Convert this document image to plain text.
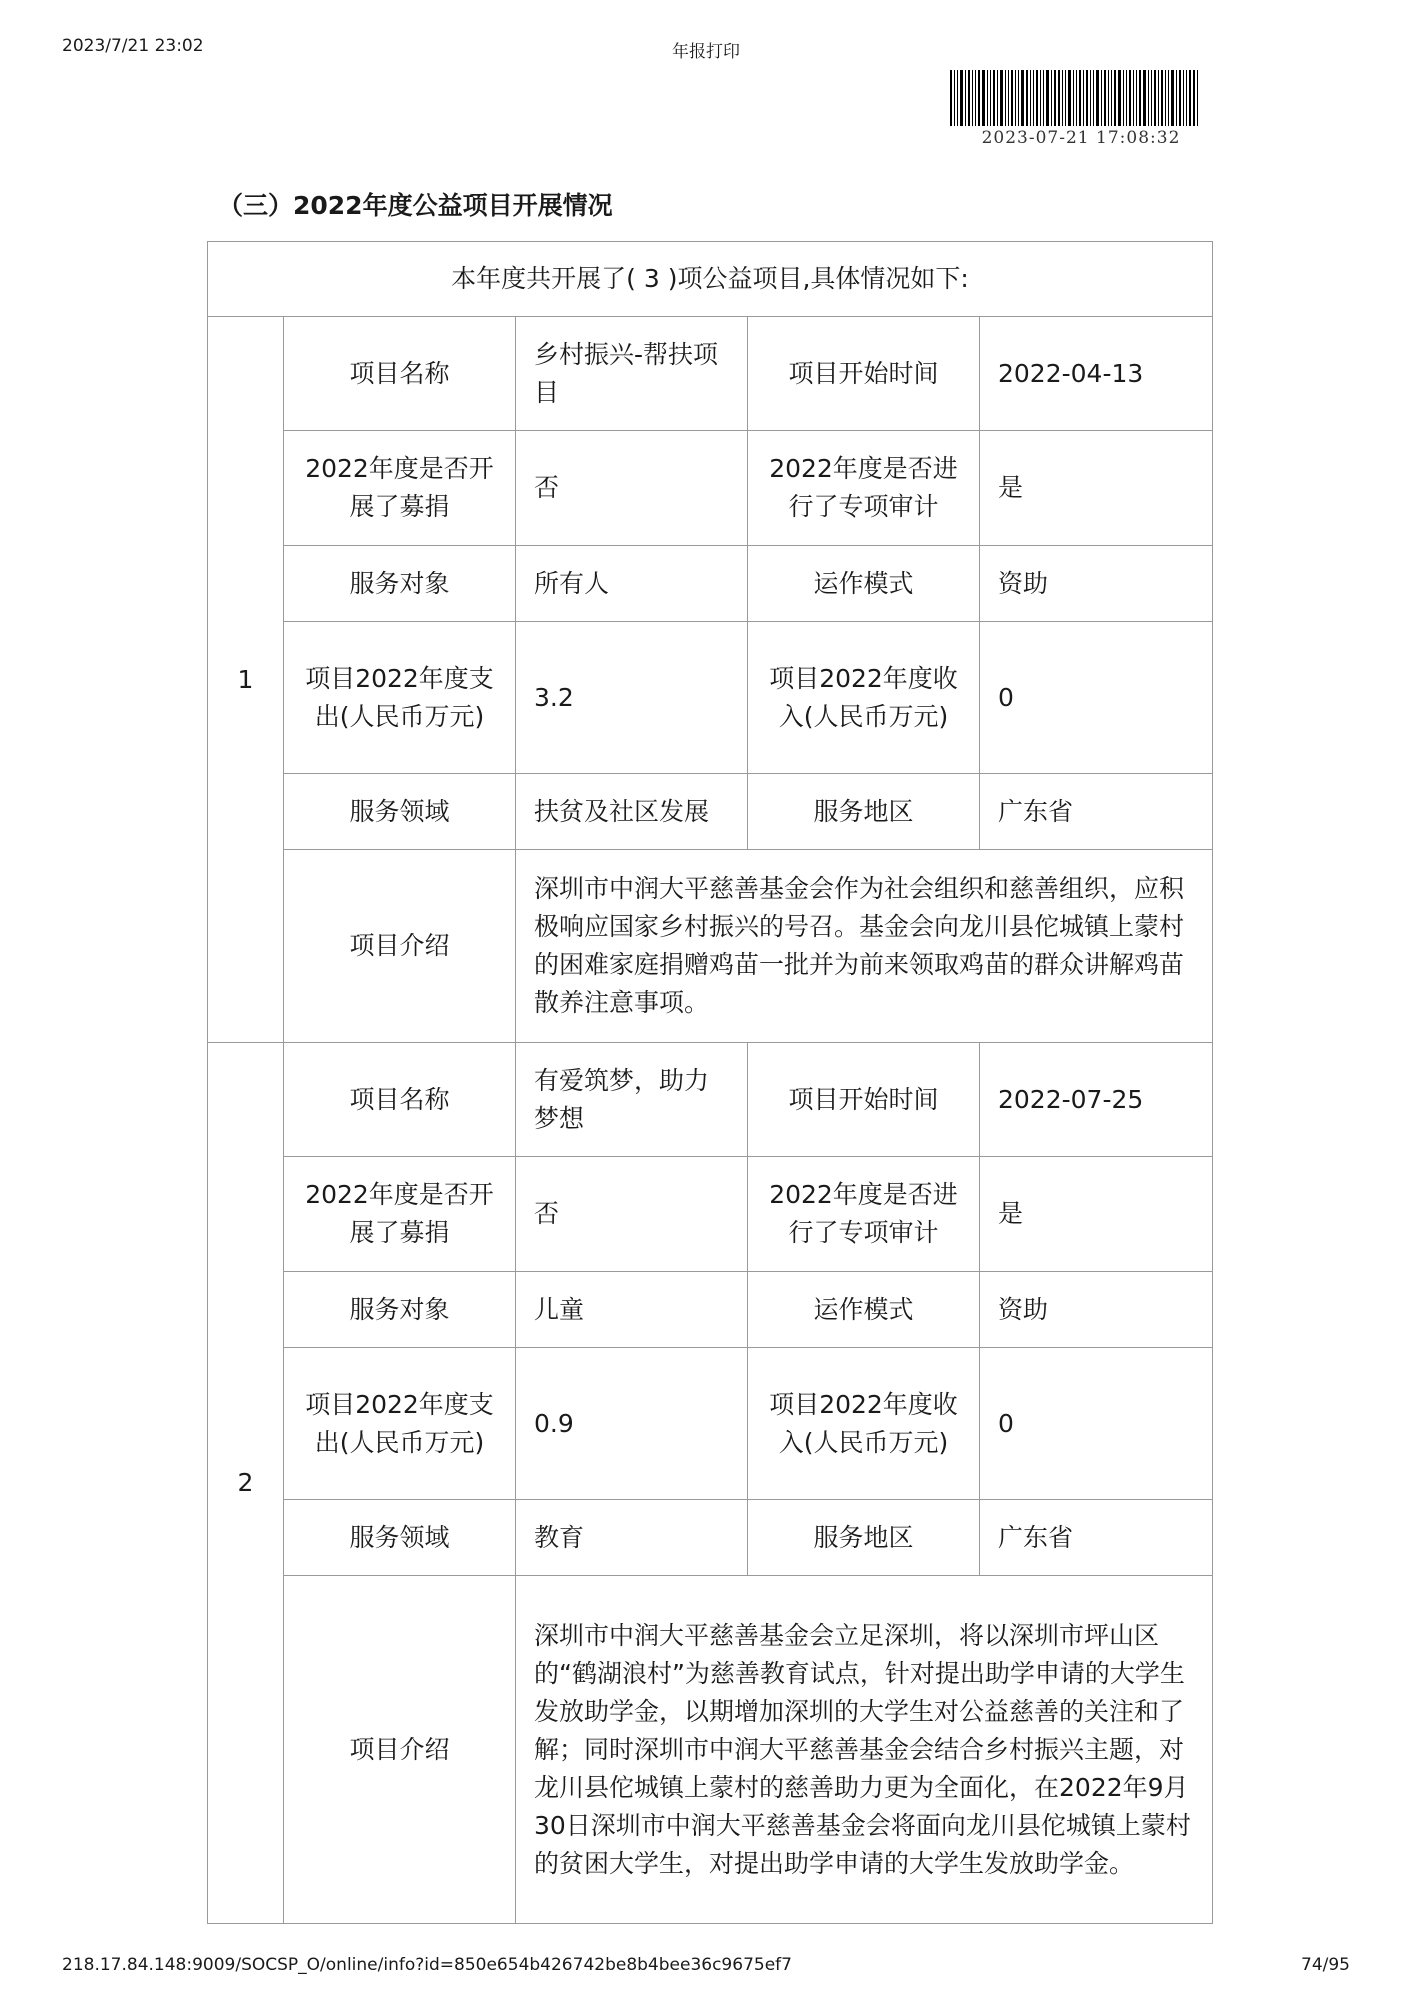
2023/7/21 23:02	年报打印
2023-07-21 17:08:32
（三）2022年度公益项目开展情况
本年度共开展了( 3 )项公益项目,具体情况如下:				
1	项目名称	乡村振兴-帮扶项目	项目开始时间	2022-04-13
	2022年度是否开展了募捐	否	2022年度是否进行了专项审计	是
	服务对象	所有人	运作模式	资助
	项目2022年度支出(人民币万元)	3.2	项目2022年度收入(人民币万元)	0
	服务领域	扶贫及社区发展	服务地区	广东省
	项目介绍	深圳市中润大平慈善基金会作为社会组织和慈善组织，应积极响应国家乡村振兴的号召。基金会向龙川县佗城镇上蒙村的困难家庭捐赠鸡苗一批并为前来领取鸡苗的群众讲解鸡苗散养注意事项。		
2	项目名称	有爱筑梦，助力梦想	项目开始时间	2022-07-25
	2022年度是否开展了募捐	否	2022年度是否进行了专项审计	是
	服务对象	儿童	运作模式	资助
	项目2022年度支出(人民币万元)	0.9	项目2022年度收入(人民币万元)	0
	服务领域	教育	服务地区	广东省
	项目介绍	深圳市中润大平慈善基金会立足深圳，将以深圳市坪山区的“鹤湖浪村”为慈善教育试点，针对提出助学申请的大学生发放助学金，以期增加深圳的大学生对公益慈善的关注和了解；同时深圳市中润大平慈善基金会结合乡村振兴主题，对龙川县佗城镇上蒙村的慈善助力更为全面化，在2022年9月30日深圳市中润大平慈善基金会将面向龙川县佗城镇上蒙村的贫困大学生，对提出助学申请的大学生发放助学金。		
218.17.84.148:9009/SOCSP_O/online/info?id=850e654b426742be8b4bee36c9675ef7	74/95
